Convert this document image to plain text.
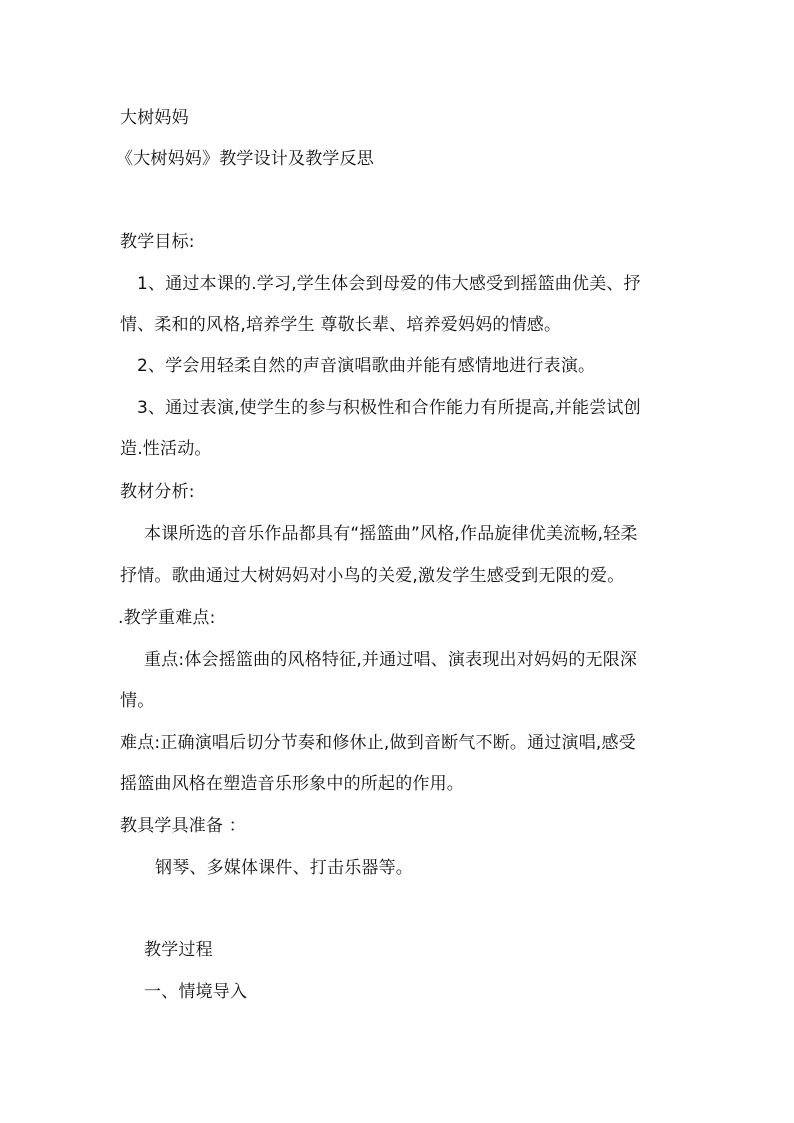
大树妈妈
《大树妈妈》教学设计及教学反思
教学目标:
1、通过本课的.学习,学生体会到母爱的伟大感受到摇篮曲优美、抒
情、柔和的风格,培养学生 尊敬长辈、培养爱妈妈的情感。
2、学会用轻柔自然的声音演唱歌曲并能有感情地进行表演。
3、通过表演,使学生的参与积极性和合作能力有所提高,并能尝试创
造.性活动。
教材分析:
本课所选的音乐作品都具有“摇篮曲”风格,作品旋律优美流畅,轻柔
抒情。歌曲通过大树妈妈对小鸟的关爱,激发学生感受到无限的爱。
.教学重难点:
重点:体会摇篮曲的风格特征,并通过唱、演表现出对妈妈的无限深
情。
难点:正确演唱后切分节奏和修休止,做到音断气不断。通过演唱,感受
摇篮曲风格在塑造音乐形象中的所起的作用。
教具学具准备 ：
钢琴、多媒体课件、打击乐器等。
教学过程
一、情境导入
